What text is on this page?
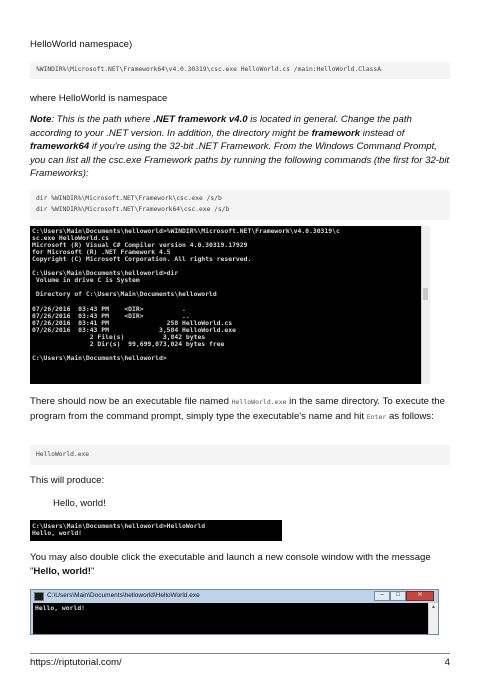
HelloWorld namespace)
%WINDIR%\Microsoft.NET\Framework64\v4.0.30319\csc.exe HelloWorld.cs /main:HelloWorld.ClassA
where HelloWorld is namespace
Note: This is the path where .NET framework v4.0 is located in general. Change the path according to your .NET version. In addition, the directory might be framework instead of framework64 if you're using the 32-bit .NET Framework. From the Windows Command Prompt, you can list all the csc.exe Framework paths by running the following commands (the first for 32-bit Frameworks):
dir %WINDIR%\Microsoft.NET\Framework\csc.exe /s/b
dir %WINDIR%\Microsoft.NET\Framework64\csc.exe /s/b
C:\Users\Main\Documents\helloworld>%WINDIR%\Microsoft.NET\Framework\v4.0.30319\c
sc.exe HelloWorld.cs
Microsoft (R) Visual C# Compiler version 4.0.30319.17929
for Microsoft (R) .NET Framework 4.5
Copyright (C) Microsoft Corporation. All rights reserved.
C:\Users\Main\Documents\helloworld>dir
Volume in drive C is System
Directory of C:\Users\Main\Documents\helloworld
07/26/2016  03:43 PM    <DIR>          .
07/26/2016  03:43 PM    <DIR>          ..
07/26/2016  03:41 PM               258 HelloWorld.cs
07/26/2016  03:43 PM             3,584 HelloWorld.exe
2 File(s)          3,842 bytes
2 Dir(s)  99,699,073,024 bytes free
C:\Users\Main\Documents\helloworld>
There should now be an executable file named HelloWorld.exe in the same directory. To execute the program from the command prompt, simply type the executable's name and hit Enter as follows:
HelloWorld.exe
This will produce:
Hello, world!
C:\Users\Main\Documents\helloworld>HelloWorld
Hello, world!
You may also double click the executable and launch a new console window with the message "Hello, world!"
C:\Users\Main\Documents\helloworld\HelloWorld.exe	–	□	✕
Hello, world!	▲
https://riptutorial.com/	4
